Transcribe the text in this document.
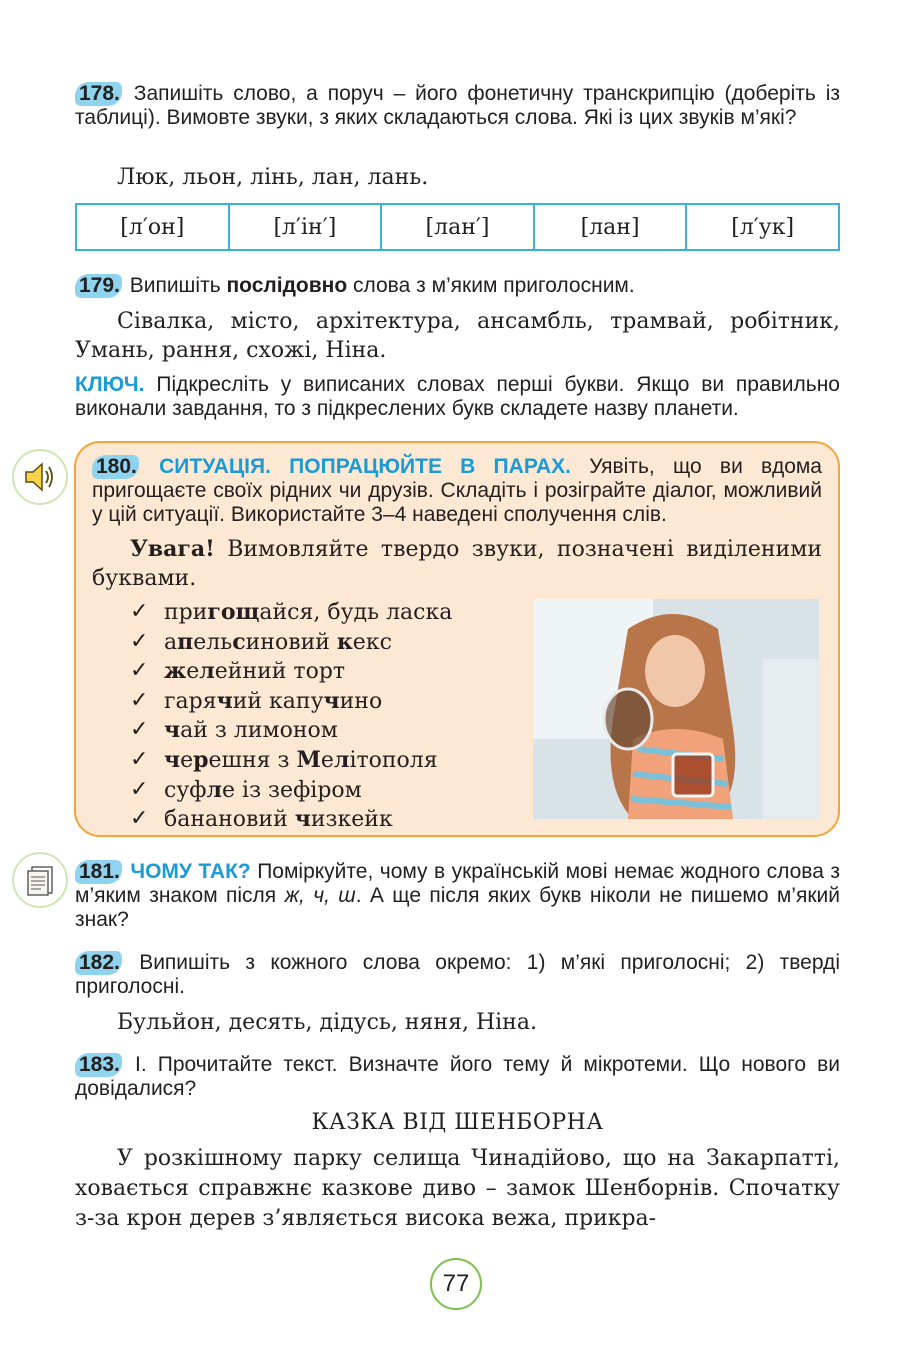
178. Запишіть слово, а поруч – його фонетичну транскрипцію (доберіть із таблиці). Вимовте звуки, з яких складаються слова. Які із цих звуків м’які?
Люк, льон, лінь, лан, лань.
[л′он]	[л′ін′]	[лан′]	[лан]	[л′ук]
179. Випишіть послідовно слова з м’яким приголосним.
Сівалка, місто, архітектура, ансамбль, трамвай, робітник, Умань, рання, схожі, Ніна.
КЛЮЧ. Підкресліть у виписаних словах перші букви. Якщо ви правильно виконали завдання, то з підкреслених букв складете назву планети.
180. СИТУАЦІЯ. ПОПРАЦЮЙТЕ В ПАРАХ. Уявіть, що ви вдома пригощаєте своїх рідних чи друзів. Складіть і розіграйте діалог, можливий у цій ситуації. Використайте 3–4 наведені сполучення слів.
Увага! Вимовляйте твердо звуки, позначені виділеними буквами.
✓ пригощайся, будь ласка
✓ апельсиновий кекс
✓ желейний торт
✓ гарячий капучино
✓ чай з лимоном
✓ черешня з Мелітополя
✓ суфле із зефіром
✓ банановий чизкейк
181. ЧОМУ ТАК? Поміркуйте, чому в українській мові немає жодного слова з м’яким знаком після ж, ч, ш. А ще після яких букв ніколи не пишемо м’який знак?
182. Випишіть з кожного слова окремо: 1) м’які приголосні; 2) тверді приголосні.
Бульйон, десять, дідусь, няня, Ніна.
183. І. Прочитайте текст. Визначте його тему й мікротеми. Що нового ви довідалися?
КАЗКА ВІД ШЕНБОРНА
У розкішному парку селища Чинадійово, що на Закарпатті, ховається справжнє казкове диво – замок Шенборнів. Спочатку з-за крон дерев з’являється висока вежа, прикра-
77
